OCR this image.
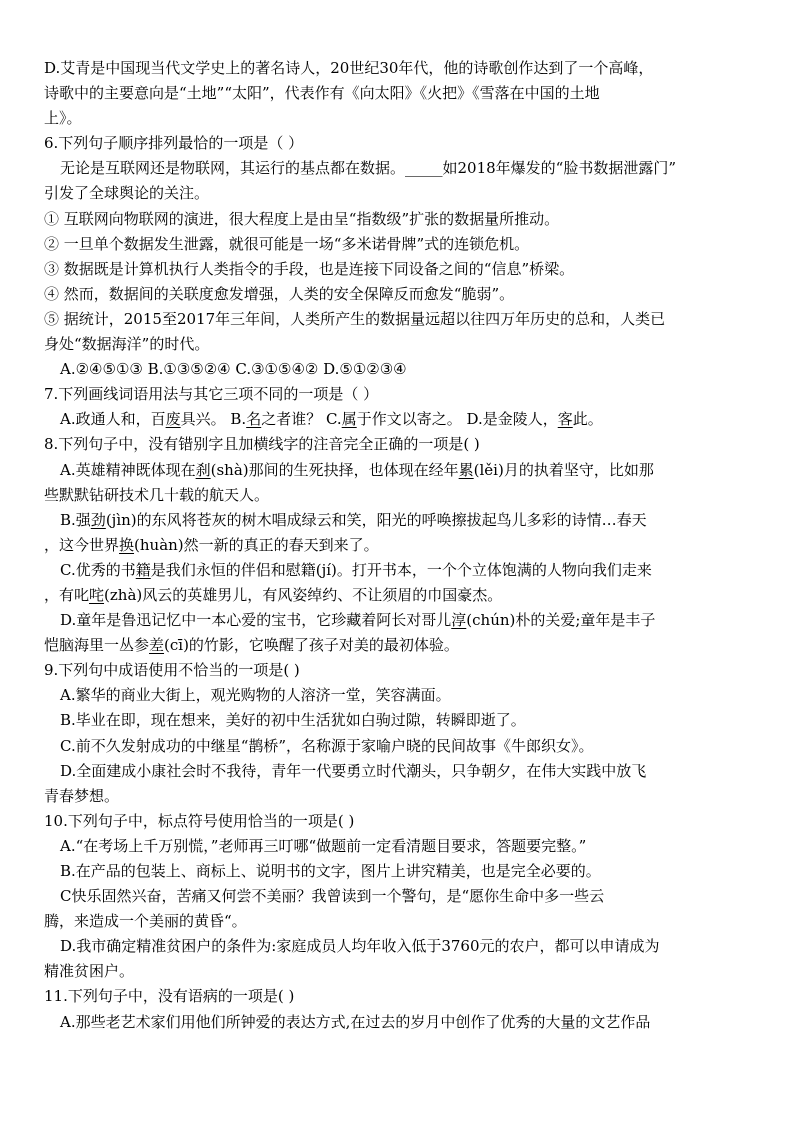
D.艾青是中国现当代文学史上的著名诗人，20世纪30年代，他的诗歌创作达到了一个高峰，
诗歌中的主要意向是“土地”“太阳”，代表作有《向太阳》《火把》《雪落在中国的土地
上》。
6.下列句子顺序排列最恰的一项是（ ）
无论是互联网还是物联网，其运行的基点都在数据。_____如2018年爆发的“脸书数据泄露门”
引发了全球舆论的关注。
① 互联网向物联网的演进，很大程度上是由呈“指数级”扩张的数据量所推动。
② 一旦单个数据发生泄露，就很可能是一场“多米诺骨牌”式的连锁危机。
③ 数据既是计算机执行人类指令的手段，也是连接下同设备之间的“信息”桥梁。
④ 然而，数据间的关联度愈发增强，人类的安全保障反而愈发“脆弱”。
⑤ 据统计，2015至2017年三年间，人类所产生的数据量远超以往四万年历史的总和，人类已
身处“数据海洋”的时代。
A.②④⑤①③ B.①③⑤②④ C.③①⑤④② D.⑤①②③④
7.下列画线词语用法与其它三项不同的一项是（ ）
A.政通人和，百废具兴。 B.名之者谁？ C.属于作文以寄之。 D.是金陵人，客此。
8.下列句子中，没有错别字且加横线字的注音完全正确的一项是( )
A.英雄精神既体现在刹(shà)那间的生死抉择，也体现在经年累(lěi)月的执着坚守，比如那
些默默钻研技术几十载的航天人。
B.强劲(jìn)的东风将苍灰的树木唱成绿云和笑，阳光的呼唤擦拔起鸟儿多彩的诗情…春天
，这今世界换(huàn)然一新的真正的春天到来了。
C.优秀的书籍是我们永恒的伴侣和慰籍(jí)。打开书本，一个个立体饱满的人物向我们走来
，有叱咤(zhà)风云的英雄男儿，有风姿绰约、不让须眉的巾国豪杰。
D.童年是鲁迅记忆中一本心爱的宝书，它珍藏着阿长对哥儿淳(chún)朴的关爱;童年是丰子
恺脑海里一丛参差(cī)的竹影，它唤醒了孩子对美的最初体验。
9.下列句中成语使用不恰当的一项是( )
A.繁华的商业大街上，观光购物的人溶济一堂，笑容满面。
B.毕业在即，现在想来，美好的初中生活犹如白驹过隙，转瞬即逝了。
C.前不久发射成功的中继星“鹊桥”，名称源于家喻户晓的民间故事《牛郎织女》。
D.全面建成小康社会时不我待，青年一代要勇立时代潮头，只争朝夕，在伟大实践中放飞
青春梦想。
10.下列句子中，标点符号使用恰当的一项是( )
A.“在考场上千万别慌，”老师再三叮哪“做题前一定看清题目要求，答题要完整。”
B.在产品的包装上、商标上、说明书的文字，图片上讲究精美，也是完全必要的。
C快乐固然兴奋，苦痛又何尝不美丽？我曾读到一个警句，是“愿你生命中多一些云
腾，来造成一个美丽的黄昏“。
D.我市确定精准贫困户的条件为:家庭成员人均年收入低于3760元的农户，都可以申请成为
精准贫困户。
11.下列句子中，没有语病的一项是( )
A.那些老艺术家们用他们所钟爱的表达方式,在过去的岁月中创作了优秀的大量的文艺作品
